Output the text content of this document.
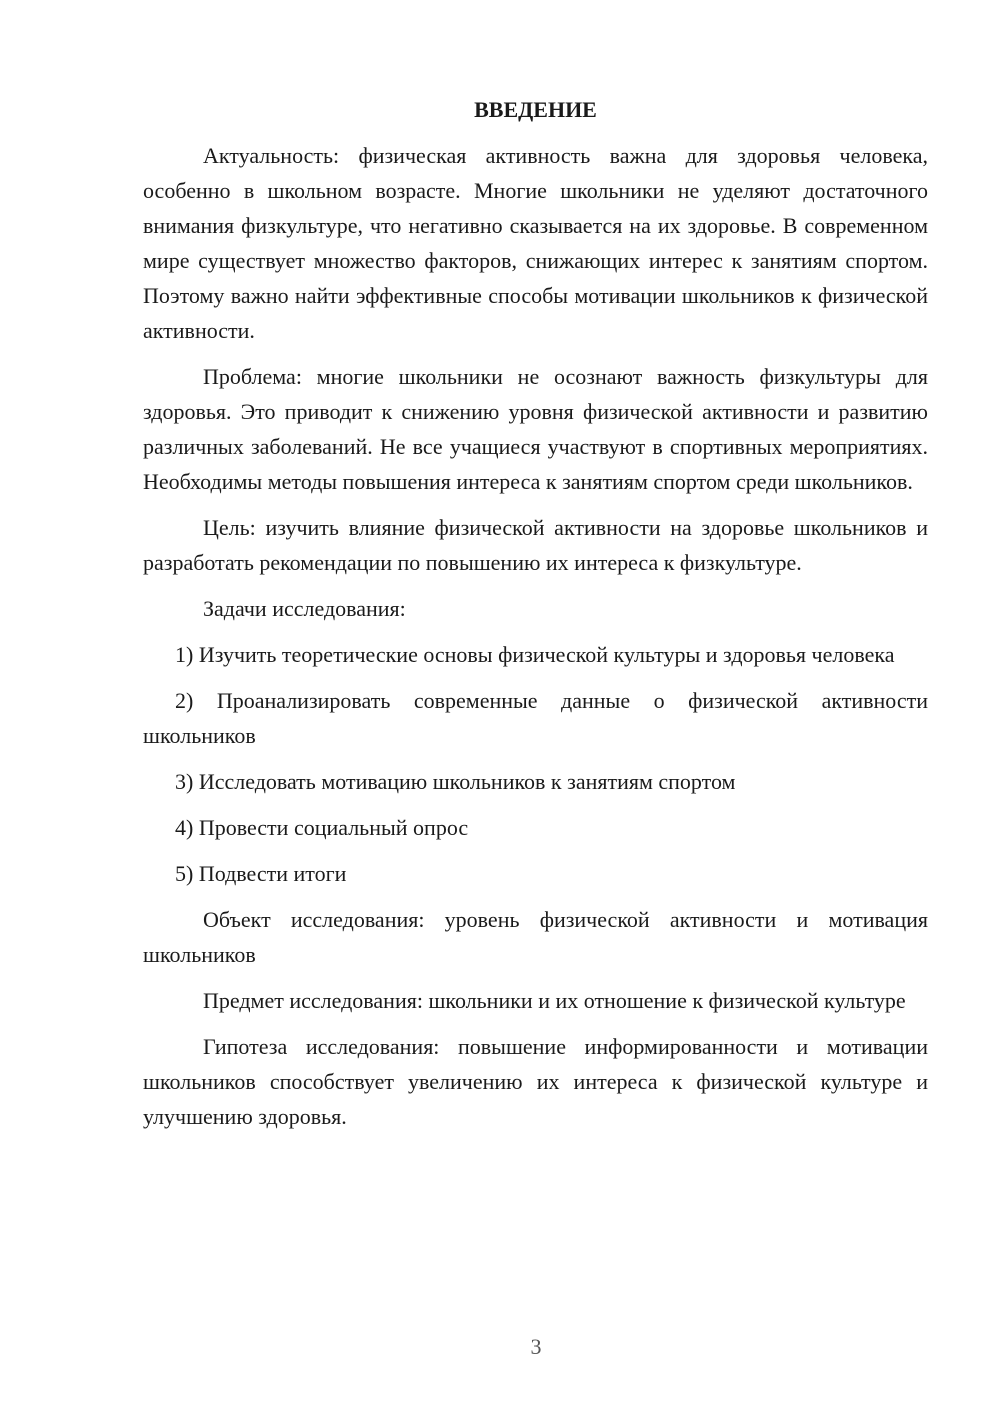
ВВЕДЕНИЕ

Актуальность: физическая активность важна для здоровья человека, особенно в школьном возрасте. Многие школьники не уделяют достаточного внимания физкультуре, что негативно сказывается на их здоровье. В современном мире существует множество факторов, снижающих интерес к занятиям спортом. Поэтому важно найти эффективные способы мотивации школьников к физической активности.

Проблема: многие школьники не осознают важность физкультуры для здоровья. Это приводит к снижению уровня физической активности и развитию различных заболеваний. Не все учащиеся участвуют в спортивных мероприятиях. Необходимы методы повышения интереса к занятиям спортом среди школьников.

Цель: изучить влияние физической активности на здоровье школьников и разработать рекомендации по повышению их интереса к физкультуре.

Задачи исследования:

1) Изучить теоретические основы физической культуры и здоровья человека

2) Проанализировать современные данные о физической активности школьников

3) Исследовать мотивацию школьников к занятиям спортом

4) Провести социальный опрос

5) Подвести итоги

Объект исследования: уровень физической активности и мотивация школьников

Предмет исследования: школьники и их отношение к физической культуре

Гипотеза исследования: повышение информированности и мотивации школьников способствует увеличению их интереса к физической культуре и улучшению здоровья.

3
